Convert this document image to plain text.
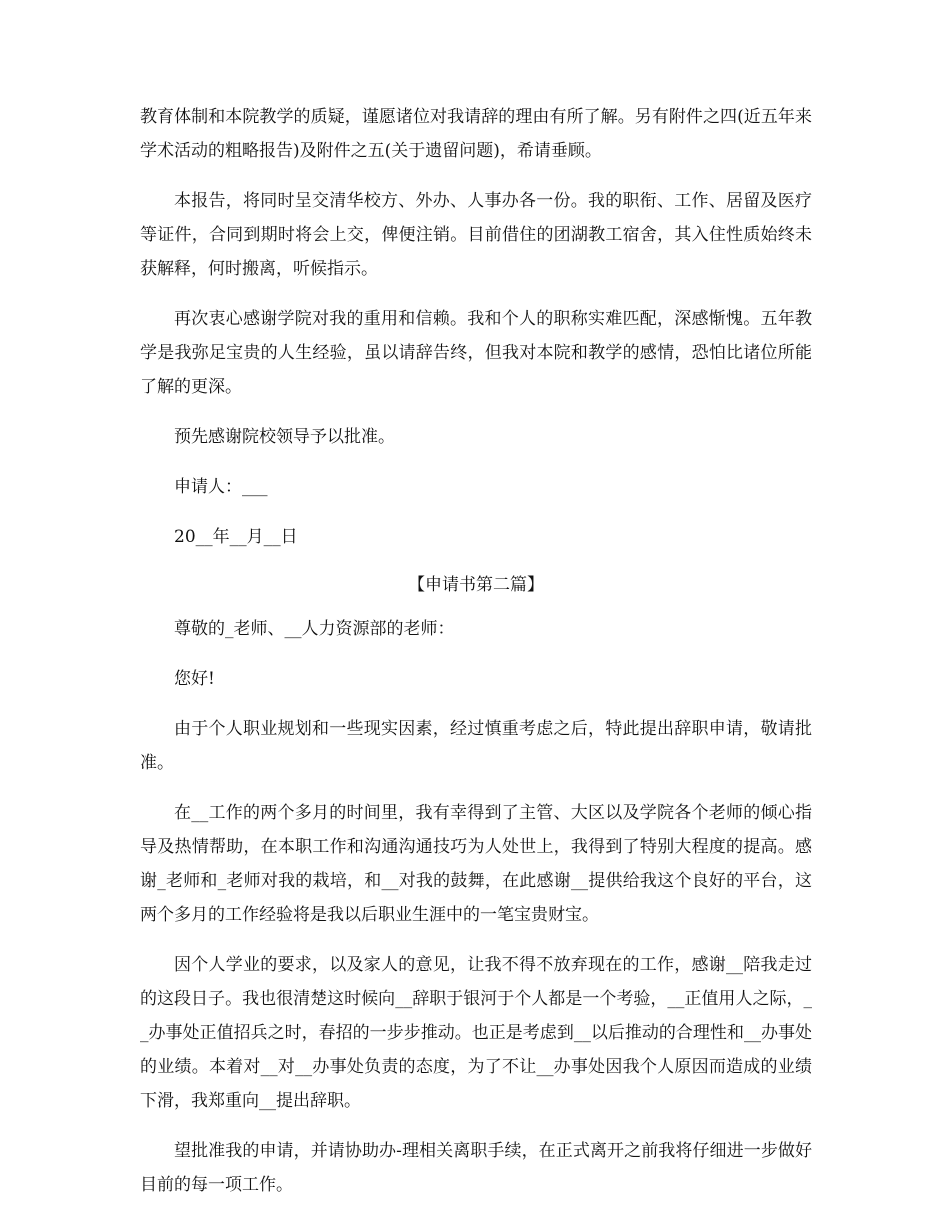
教育体制和本院教学的质疑，谨愿诸位对我请辞的理由有所了解。另有附件之四(近五年来学术活动的粗略报告)及附件之五(关于遗留问题)，希请垂顾。

本报告，将同时呈交清华校方、外办、人事办各一份。我的职衔、工作、居留及医疗等证件，合同到期时将会上交，俾便注销。目前借住的团湖教工宿舍，其入住性质始终未获解释，何时搬离，听候指示。

再次衷心感谢学院对我的重用和信赖。我和个人的职称实难匹配，深感惭愧。五年教学是我弥足宝贵的人生经验，虽以请辞告终，但我对本院和教学的感情，恐怕比诸位所能了解的更深。

预先感谢院校领导予以批准。

申请人：___

20__年__月__日

【申请书第二篇】

尊敬的_老师、__人力资源部的老师：

您好!

由于个人职业规划和一些现实因素，经过慎重考虑之后，特此提出辞职申请，敬请批准。

在__工作的两个多月的时间里，我有幸得到了主管、大区以及学院各个老师的倾心指导及热情帮助，在本职工作和沟通沟通技巧为人处世上，我得到了特别大程度的提高。感谢_老师和_老师对我的栽培，和__对我的鼓舞，在此感谢__提供给我这个良好的平台，这两个多月的工作经验将是我以后职业生涯中的一笔宝贵财宝。

因个人学业的要求，以及家人的意见，让我不得不放弃现在的工作，感谢__陪我走过的这段日子。我也很清楚这时候向__辞职于银河于个人都是一个考验，__正值用人之际，__办事处正值招兵之时，春招的一步步推动。也正是考虑到__以后推动的合理性和__办事处的业绩。本着对__对__办事处负责的态度，为了不让__办事处因我个人原因而造成的业绩下滑，我郑重向__提出辞职。

望批准我的申请，并请协助办-理相关离职手续，在正式离开之前我将仔细进一步做好目前的每一项工作。
